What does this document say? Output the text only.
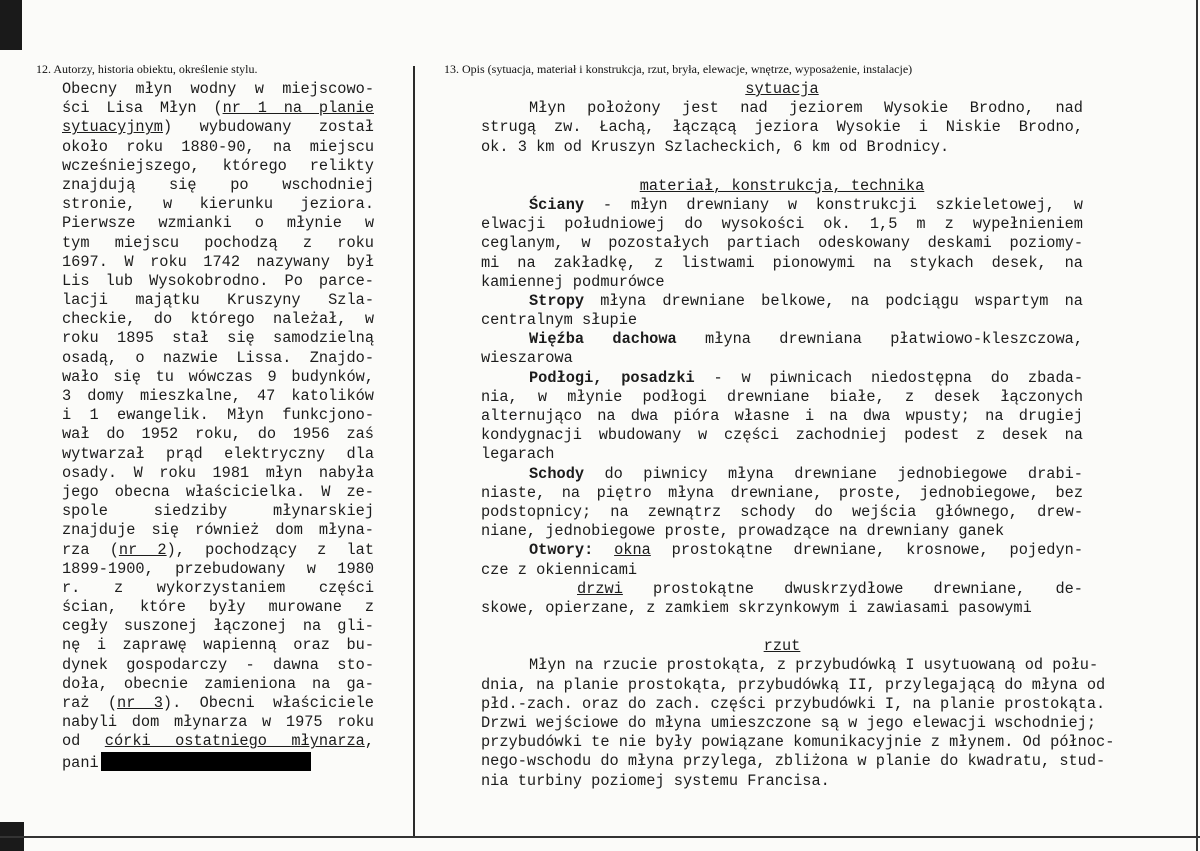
12. Autorzy, historia obiektu, określenie stylu.	13. Opis (sytuacja, materiał i konstrukcja, rzut, bryła, elewacje, wnętrze, wyposażenie, instalacje)
Obecny młyn wodny w miejscowo-
ści Lisa Młyn (nr 1 na planie
sytuacyjnym) wybudowany został
około roku 1880-90, na miejscu
wcześniejszego, którego relikty
znajdują się po wschodniej
stronie, w kierunku jeziora.
Pierwsze wzmianki o młynie w
tym miejscu pochodzą z roku
1697. W roku 1742 nazywany był
Lis lub Wysokobrodno. Po parce-
lacji majątku Kruszyny Szla-
checkie, do którego należał, w
roku 1895 stał się samodzielną
osadą, o nazwie Lissa. Znajdo-
wało się tu wówczas 9 budynków,
3 domy mieszkalne, 47 katolików
i 1 ewangelik. Młyn funkcjono-
wał do 1952 roku, do 1956 zaś
wytwarzał prąd elektryczny dla
osady. W roku 1981 młyn nabyła
jego obecna właścicielka. W ze-
spole siedziby młynarskiej
znajduje się również dom młyna-
rza (nr 2), pochodzący z lat
1899-1900, przebudowany w 1980
r. z wykorzystaniem części
ścian, które były murowane z
cegły suszonej łączonej na gli-
nę i zaprawę wapienną oraz bu-
dynek gospodarczy - dawna sto-
doła, obecnie zamieniona na ga-
raż (nr 3). Obecni właściciele
nabyli dom młynarza w 1975 roku
od córki ostatniego młynarza,
pani
sytuacja
Młyn położony jest nad jeziorem Wysokie Brodno, nad
strugą zw. Łachą, łączącą jeziora Wysokie i Niskie Brodno,
ok. 3 km od Kruszyn Szlacheckich, 6 km od Brodnicy.
materiał, konstrukcja, technika
Ściany - młyn drewniany w konstrukcji szkieletowej, w
elwacji południowej do wysokości ok. 1,5 m z wypełnieniem
ceglanym, w pozostałych partiach odeskowany deskami poziomy-
mi na zakładkę, z listwami pionowymi na stykach desek, na
kamiennej podmurówce
Stropy młyna drewniane belkowe, na podciągu wspartym na
centralnym słupie
Więźba dachowa młyna drewniana płatwiowo-kleszczowa,
wieszarowa
Podłogi, posadzki - w piwnicach niedostępna do zbada-
nia, w młynie podłogi drewniane białe, z desek łączonych
alternująco na dwa pióra własne i na dwa wpusty; na drugiej
kondygnacji wbudowany w części zachodniej podest z desek na
legarach
Schody do piwnicy młyna drewniane jednobiegowe drabi-
niaste, na piętro młyna drewniane, proste, jednobiegowe, bez
podstopnicy; na zewnątrz schody do wejścia głównego, drew-
niane, jednobiegowe proste, prowadzące na drewniany ganek
Otwory: okna prostokątne drewniane, krosnowe, pojedyn-
cze z okiennicami
drzwi prostokątne dwuskrzydłowe drewniane, de-
skowe, opierzane, z zamkiem skrzynkowym i zawiasami pasowymi
rzut
Młyn na rzucie prostokąta, z przybudówką I usytuowaną od połu-
dnia, na planie prostokąta, przybudówką II, przylegającą do młyna od
płd.-zach. oraz do zach. części przybudówki I, na planie prostokąta.
Drzwi wejściowe do młyna umieszczone są w jego elewacji wschodniej;
przybudówki te nie były powiązane komunikacyjnie z młynem. Od północ-
nego-wschodu do młyna przylega, zbliżona w planie do kwadratu, stud-
nia turbiny poziomej systemu Francisa.
